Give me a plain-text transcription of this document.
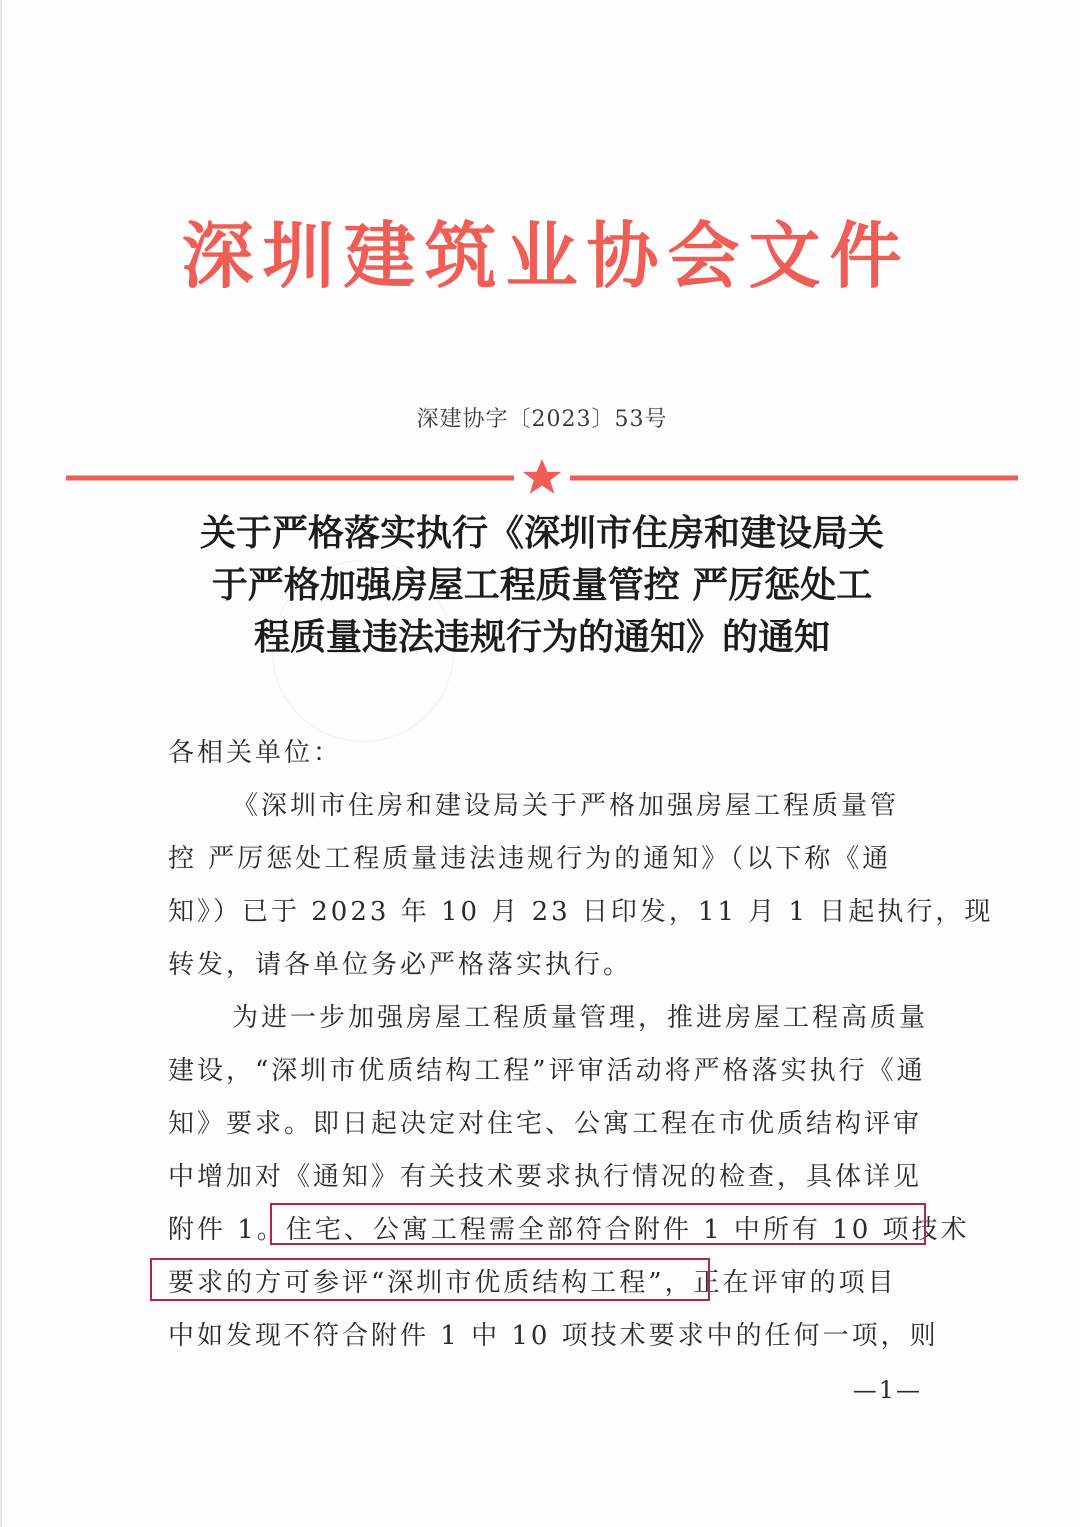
深圳建筑业协会文件
深建协字〔2023〕53号
关于严格落实执行《深圳市住房和建设局关
于严格加强房屋工程质量管控 严厉惩处工
程质量违法违规行为的通知》的通知
各相关单位：
《深圳市住房和建设局关于严格加强房屋工程质量管
控 严厉惩处工程质量违法违规行为的通知》（以下称《通
知》）已于 2023 年 10 月 23 日印发，11 月 1 日起执行，现
转发，请各单位务必严格落实执行。
为进一步加强房屋工程质量管理，推进房屋工程高质量
建设，“深圳市优质结构工程”评审活动将严格落实执行《通
知》要求。即日起决定对住宅、公寓工程在市优质结构评审
中增加对《通知》有关技术要求执行情况的检查，具体详见
附件 1。住宅、公寓工程需全部符合附件 1 中所有 10 项技术
要求的方可参评“深圳市优质结构工程”，正在评审的项目
中如发现不符合附件 1 中 10 项技术要求中的任何一项，则
—1—
